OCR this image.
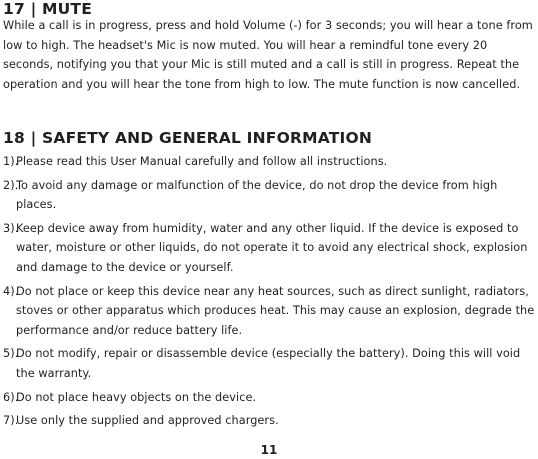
17 | MUTE

While a call is in progress, press and hold Volume (-) for 3 seconds; you will hear a tone from low to high. The headset's Mic is now muted. You will hear a remindful tone every 20 seconds, notifying you that your Mic is still muted and a call is still in progress. Repeat the operation and you will hear the tone from high to low. The mute function is now cancelled.

18 | SAFETY AND GENERAL INFORMATION
1).
Please read this User Manual carefully and follow all instructions.
2).
To avoid any damage or malfunction of the device, do not drop the device from high places.
3).
Keep device away from humidity, water and any other liquid. If the device is exposed to water, moisture or other liquids, do not operate it to avoid any electrical shock, explosion and damage to the device or yourself.
4).
Do not place or keep this device near any heat sources, such as direct sunlight, radiators, stoves or other apparatus which produces heat. This may cause an explosion, degrade the performance and/or reduce battery life.
5).
Do not modify, repair or disassemble device (especially the battery). Doing this will void the warranty.
6).
Do not place heavy objects on the device.
7).
Use only the supplied and approved chargers.
11
